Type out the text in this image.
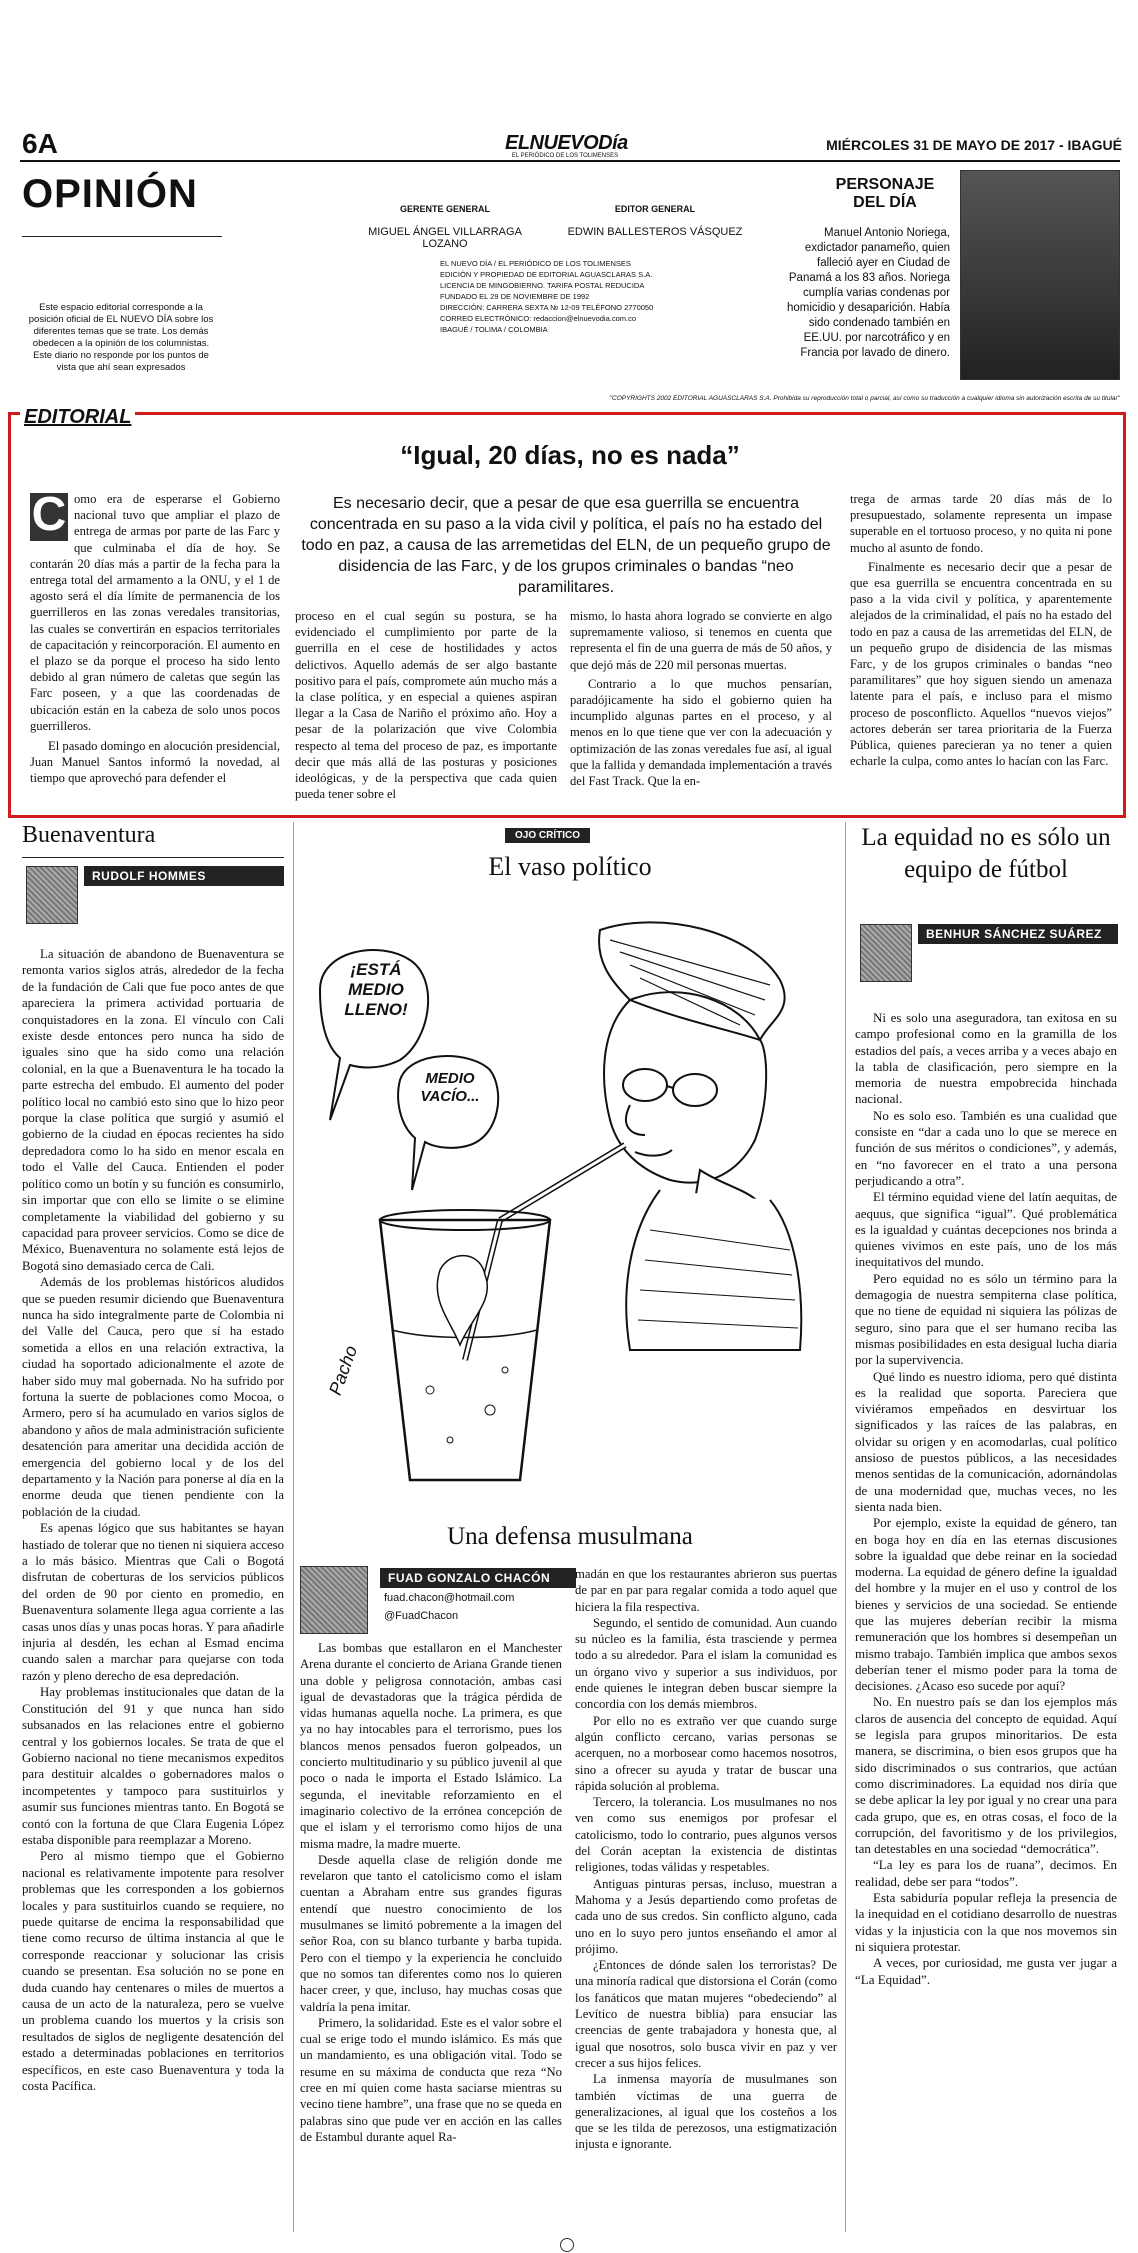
6A	ELNUEVODía
EL PERIÓDICO DE LOS TOLIMENSES
MIÉRCOLES 31 DE MAYO DE 2017 - IBAGUÉ
OPINIÓN
Este espacio editorial corresponde a la posición oficial de EL NUEVO DÍA sobre los diferentes temas que se trate. Los demás obedecen a la opinión de los columnistas. Este diario no responde por los puntos de vista que ahí sean expresados
GERENTE GENERAL
MIGUEL ÁNGEL VILLARRAGA LOZANO
EDITOR GENERAL
EDWIN BALLESTEROS VÁSQUEZ
EL NUEVO DÍA / EL PERIÓDICO DE LOS TOLIMENSES
EDICIÓN Y PROPIEDAD DE EDITORIAL AGUASCLARAS S.A.
LICENCIA DE MINGOBIERNO. TARIFA POSTAL REDUCIDA
FUNDADO EL 29 DE NOVIEMBRE DE 1992
DIRECCIÓN: CARRERA SEXTA № 12-09 TELÉFONO 2770050
CORREO ELECTRÓNICO: redaccion@elnuevodia.com.co
IBAGUÉ / TOLIMA / COLOMBIA
PERSONAJE DEL DÍA
Manuel Antonio Noriega, exdictador panameño, quien falleció ayer en Ciudad de Panamá a los 83 años. Noriega cumplía varias condenas por homicidio y desaparición. Había sido condenado también en EE.UU. por narcotráfico y en Francia por lavado de dinero.
"COPYRIGHTS 2002 EDITORIAL AGUASCLARAS S.A. Prohibida su reproducción total o parcial, así como su traducción a cualquier idioma sin autorización escrita de su titular"
EDITORIAL
“Igual, 20 días, no es nada”
C omo era de esperarse el Gobierno nacional tuvo que ampliar el plazo de entrega de armas por parte de las Farc y que culminaba el día de hoy. Se contarán 20 días más a partir de la fecha para la entrega total del armamento a la ONU, y el 1 de agosto será el día límite de permanencia de los guerrilleros en las zonas veredales transitorias, las cuales se convertirán en espacios territoriales de capacitación y reincorporación. El aumento en el plazo se da porque el proceso ha sido lento debido al gran número de caletas que según las Farc poseen, y a que las coordenadas de ubicación están en la cabeza de solo unos pocos guerrilleros.

El pasado domingo en alocución presidencial, Juan Manuel Santos informó la novedad, al tiempo que aprovechó para defender el

Es necesario decir, que a pesar de que esa guerrilla se encuentra concentrada en su paso a la vida civil y política, el país no ha estado del todo en paz, a causa de las arremetidas del ELN, de un pequeño grupo de disidencia de las Farc, y de los grupos criminales o bandas “neo paramilitares.
proceso en el cual según su postura, se ha evidenciado el cumplimiento por parte de la guerrilla en el cese de hostilidades y actos delictivos. Aquello además de ser algo bastante positivo para el país, compromete aún mucho más a la clase política, y en especial a quienes aspiran llegar a la Casa de Nariño el próximo año. Hoy a pesar de la polarización que vive Colombia respecto al tema del proceso de paz, es importante decir que más allá de las posturas y posiciones ideológicas, y de la perspectiva que cada quien pueda tener sobre el
mismo, lo hasta ahora logrado se convierte en algo supremamente valioso, si tenemos en cuenta que representa el fin de una guerra de más de 50 años, y que dejó más de 220 mil personas muertas.

Contrario a lo que muchos pensarían, paradójicamente ha sido el gobierno quien ha incumplido algunas partes en el proceso, y al menos en lo que tiene que ver con la adecuación y optimización de las zonas veredales fue así, al igual que la fallida y demandada implementación a través del Fast Track. Que la en-

trega de armas tarde 20 días más de lo presupuestado, solamente representa un impase superable en el tortuoso proceso, y no quita ni pone mucho al asunto de fondo.

Finalmente es necesario decir que a pesar de que esa guerrilla se encuentra concentrada en su paso a la vida civil y política, y aparentemente alejados de la criminalidad, el país no ha estado del todo en paz a causa de las arremetidas del ELN, de un pequeño grupo de disidencia de las mismas Farc, y de los grupos criminales o bandas “neo paramilitares” que hoy siguen siendo un amenaza latente para el país, e incluso para el mismo proceso de posconflicto. Aquellos “nuevos viejos” actores deberán ser tarea prioritaria de la Fuerza Pública, quienes parecieran ya no tener a quien echarle la culpa, como antes lo hacían con las Farc.

Buenaventura
RUDOLF HOMMES

La situación de abandono de Buenaventura se remonta varios siglos atrás, alrededor de la fecha de la fundación de Cali que fue poco antes de que apareciera la primera actividad portuaria de conquistadores en la zona. El vínculo con Cali existe desde entonces pero nunca ha sido de iguales sino que ha sido como una relación colonial, en la que a Buenaventura le ha tocado la parte estrecha del embudo. El aumento del poder político local no cambió esto sino que lo hizo peor porque la clase política que surgió y asumió el gobierno de la ciudad en épocas recientes ha sido depredadora como lo ha sido en menor escala en todo el Valle del Cauca. Entienden el poder político como un botín y su función es consumirlo, sin importar que con ello se limite o se elimine completamente la viabilidad del gobierno y su capacidad para proveer servicios. Como se dice de México, Buenaventura no solamente está lejos de Bogotá sino demasiado cerca de Cali.

Además de los problemas históricos aludidos que se pueden resumir diciendo que Buenaventura nunca ha sido integralmente parte de Colombia ni del Valle del Cauca, pero que sí ha estado sometida a ellos en una relación extractiva, la ciudad ha soportado adicionalmente el azote de haber sido muy mal gobernada. No ha sufrido por fortuna la suerte de poblaciones como Mocoa, o Armero, pero sí ha acumulado en varios siglos de abandono y años de mala administración suficiente desatención para ameritar una decidida acción de emergencia del gobierno local y de los del departamento y la Nación para ponerse al día en la enorme deuda que tienen pendiente con la población de la ciudad.

Es apenas lógico que sus habitantes se hayan hastiado de tolerar que no tienen ni siquiera acceso a lo más básico. Mientras que Cali o Bogotá disfrutan de coberturas de los servicios públicos del orden de 90 por ciento en promedio, en Buenaventura solamente llega agua corriente a las casas unos días y unas pocas horas. Y para añadirle injuria al desdén, les echan al Esmad encima cuando salen a marchar para quejarse con toda razón y pleno derecho de esa depredación.

Hay problemas institucionales que datan de la Constitución del 91 y que nunca han sido subsanados en las relaciones entre el gobierno central y los gobiernos locales. Se trata de que el Gobierno nacional no tiene mecanismos expeditos para destituir alcaldes o gobernadores malos o incompetentes y tampoco para sustituirlos y asumir sus funciones mientras tanto. En Bogotá se contó con la fortuna de que Clara Eugenia López estaba disponible para reemplazar a Moreno.

Pero al mismo tiempo que el Gobierno nacional es relativamente impotente para resolver problemas que les corresponden a los gobiernos locales y para sustituirlos cuando se requiere, no puede quitarse de encima la responsabilidad que tiene como recurso de última instancia al que le corresponde reaccionar y solucionar las crisis cuando se presentan. Esa solución no se pone en duda cuando hay centenares o miles de muertos a causa de un acto de la naturaleza, pero se vuelve un problema cuando los muertos y la crisis son resultados de siglos de negligente desatención del estado a determinadas poblaciones en territorios específicos, en este caso Buenaventura y toda la costa Pacífica.

OJO CRÍTICO
El vaso político
¡ESTÁ MEDIO LLENO!
MEDIO VACÍO...
Pacho
Una defensa musulmana
FUAD GONZALO CHACÓN
fuad.chacon@hotmail.com
@FuadChacon

Las bombas que estallaron en el Manchester Arena durante el concierto de Ariana Grande tienen una doble y peligrosa connotación, ambas casi igual de devastadoras que la trágica pérdida de vidas humanas aquella noche. La primera, es que ya no hay intocables para el terrorismo, pues los blancos menos pensados fueron golpeados, un concierto multitudinario y su público juvenil al que poco o nada le importa el Estado Islámico. La segunda, el inevitable reforzamiento en el imaginario colectivo de la errónea concepción de que el islam y el terrorismo como hijos de una misma madre, la madre muerte.

Desde aquella clase de religión donde me revelaron que tanto el catolicismo como el islam cuentan a Abraham entre sus grandes figuras entendí que nuestro conocimiento de los musulmanes se limitó pobremente a la imagen del señor Roa, con su blanco turbante y barba tupida. Pero con el tiempo y la experiencia he concluido que no somos tan diferentes como nos lo quieren hacer creer, y que, incluso, hay muchas cosas que valdría la pena imitar.

Primero, la solidaridad. Este es el valor sobre el cual se erige todo el mundo islámico. Es más que un mandamiento, es una obligación vital. Todo se resume en su máxima de conducta que reza “No cree en mí quien come hasta saciarse mientras su vecino tiene hambre”, una frase que no se queda en palabras sino que pude ver en acción en las calles de Estambul durante aquel Ra-

madán en que los restaurantes abrieron sus puertas de par en par para regalar comida a todo aquel que hiciera la fila respectiva.

Segundo, el sentido de comunidad. Aun cuando su núcleo es la familia, ésta trasciende y permea todo a su alrededor. Para el islam la comunidad es un órgano vivo y superior a sus individuos, por ende quienes le integran deben buscar siempre la concordia con los demás miembros.

Por ello no es extraño ver que cuando surge algún conflicto cercano, varias personas se acerquen, no a morbosear como hacemos nosotros, sino a ofrecer su ayuda y tratar de buscar una rápida solución al problema.

Tercero, la tolerancia. Los musulmanes no nos ven como sus enemigos por profesar el catolicismo, todo lo contrario, pues algunos versos del Corán aceptan la existencia de distintas religiones, todas válidas y respetables.

Antiguas pinturas persas, incluso, muestran a Mahoma y a Jesús departiendo como profetas de cada uno de sus credos. Sin conflicto alguno, cada uno en lo suyo pero juntos enseñando el amor al prójimo.

¿Entonces de dónde salen los terroristas? De una minoría radical que distorsiona el Corán (como los fanáticos que matan mujeres “obedeciendo” al Levítico de nuestra biblia) para ensuciar las creencias de gente trabajadora y honesta que, al igual que nosotros, solo busca vivir en paz y ver crecer a sus hijos felices.

La inmensa mayoría de musulmanes son también víctimas de una guerra de generalizaciones, al igual que los costeños a los que se les tilda de perezosos, una estigmatización injusta e ignorante.

La equidad no es sólo un equipo de fútbol
BENHUR SÁNCHEZ SUÁREZ

Ni es solo una aseguradora, tan exitosa en su campo profesional como en la gramilla de los estadios del país, a veces arriba y a veces abajo en la tabla de clasificación, pero siempre en la memoria de nuestra empobrecida hinchada nacional.

No es solo eso. También es una cualidad que consiste en “dar a cada uno lo que se merece en función de sus méritos o condiciones”, y además, en “no favorecer en el trato a una persona perjudicando a otra”.

El término equidad viene del latín aequitas, de aequus, que significa “igual”. Qué problemática es la igualdad y cuántas decepciones nos brinda a quienes vivimos en este país, uno de los más inequitativos del mundo.

Pero equidad no es sólo un término para la demagogia de nuestra sempiterna clase política, que no tiene de equidad ni siquiera las pólizas de seguro, sino para que el ser humano reciba las mismas posibilidades en esta desigual lucha diaria por la supervivencia.

Qué lindo es nuestro idioma, pero qué distinta es la realidad que soporta. Pareciera que viviéramos empeñados en desvirtuar los significados y las raíces de las palabras, en olvidar su origen y en acomodarlas, cual político ansioso de puestos públicos, a las necesidades menos sentidas de la comunicación, adornándolas de una modernidad que, muchas veces, no les sienta nada bien.

Por ejemplo, existe la equidad de género, tan en boga hoy en día en las eternas discusiones sobre la igualdad que debe reinar en la sociedad moderna. La equidad de género define la igualdad del hombre y la mujer en el uso y control de los bienes y servicios de una sociedad. Se entiende que las mujeres deberían recibir la misma remuneración que los hombres si desempeñan un mismo trabajo. También implica que ambos sexos deberían tener el mismo poder para la toma de decisiones. ¿Acaso eso sucede por aquí?

No. En nuestro país se dan los ejemplos más claros de ausencia del concepto de equidad. Aquí se legisla para grupos minoritarios. De esta manera, se discrimina, o bien esos grupos que ha sido discriminados o sus contrarios, que actúan como discriminadores. La equidad nos diría que se debe aplicar la ley por igual y no crear una para cada grupo, que es, en otras cosas, el foco de la corrupción, del favoritismo y de los privilegios, tan detestables en una sociedad “democrática”.

“La ley es para los de ruana”, decimos. En realidad, debe ser para “todos”.

Esta sabiduría popular refleja la presencia de la inequidad en el cotidiano desarrollo de nuestras vidas y la injusticia con la que nos movemos sin ni siquiera protestar.

A veces, por curiosidad, me gusta ver jugar a “La Equidad”.
